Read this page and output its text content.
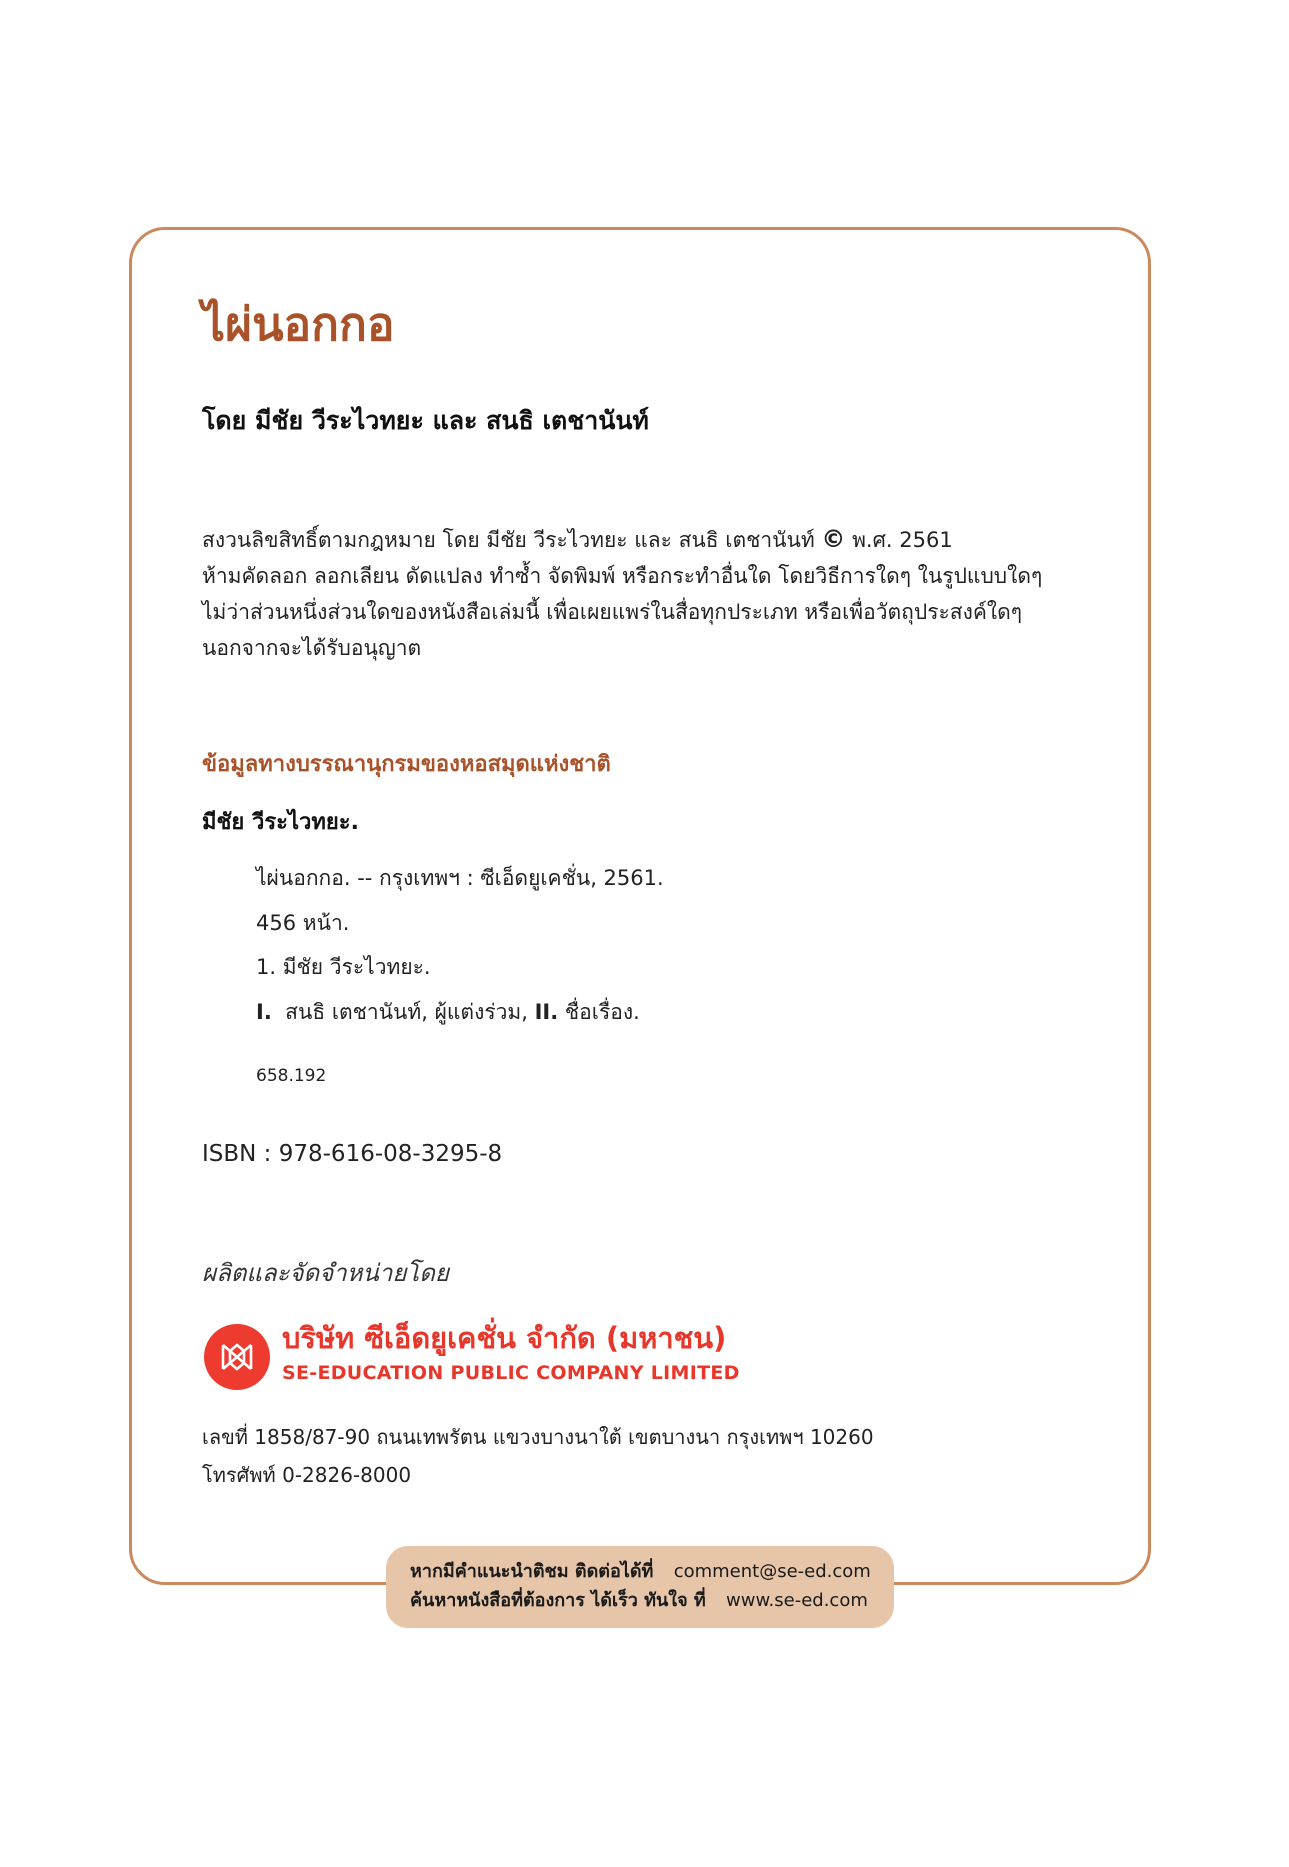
ไผ่นอกกอ
โดย มีชัย วีระไวทยะ และ สนธิ เตชานันท์
สงวนลิขสิทธิ์ตามกฎหมาย โดย มีชัย วีระไวทยะ และ สนธิ เตชานันท์ © พ.ศ. 2561
ห้ามคัดลอก ลอกเลียน ดัดแปลง ทำซ้ำ จัดพิมพ์ หรือกระทำอื่นใด โดยวิธีการใดๆ ในรูปแบบใดๆ
ไม่ว่าส่วนหนึ่งส่วนใดของหนังสือเล่มนี้ เพื่อเผยแพร่ในสื่อทุกประเภท หรือเพื่อวัตถุประสงค์ใดๆ
นอกจากจะได้รับอนุญาต
ข้อมูลทางบรรณานุกรมของหอสมุดแห่งชาติ
มีชัย วีระไวทยะ.
ไผ่นอกกอ. -- กรุงเทพฯ : ซีเอ็ดยูเคชั่น, 2561.
456 หน้า.
1. มีชัย วีระไวทยะ.
I. สนธิ เตชานันท์, ผู้แต่งร่วม, II. ชื่อเรื่อง.
658.192
ISBN : 978-616-08-3295-8
ผลิตและจัดจำหน่ายโดย
บริษัท ซีเอ็ดยูเคชั่น จำกัด (มหาชน)
SE-EDUCATION PUBLIC COMPANY LIMITED
เลขที่ 1858/87-90 ถนนเทพรัตน แขวงบางนาใต้ เขตบางนา กรุงเทพฯ 10260
โทรศัพท์ 0-2826-8000
หากมีคำแนะนำติชม ติดต่อได้ที่ comment@se-ed.com
ค้นหาหนังสือที่ต้องการ ได้เร็ว ทันใจ ที่ www.se-ed.com
